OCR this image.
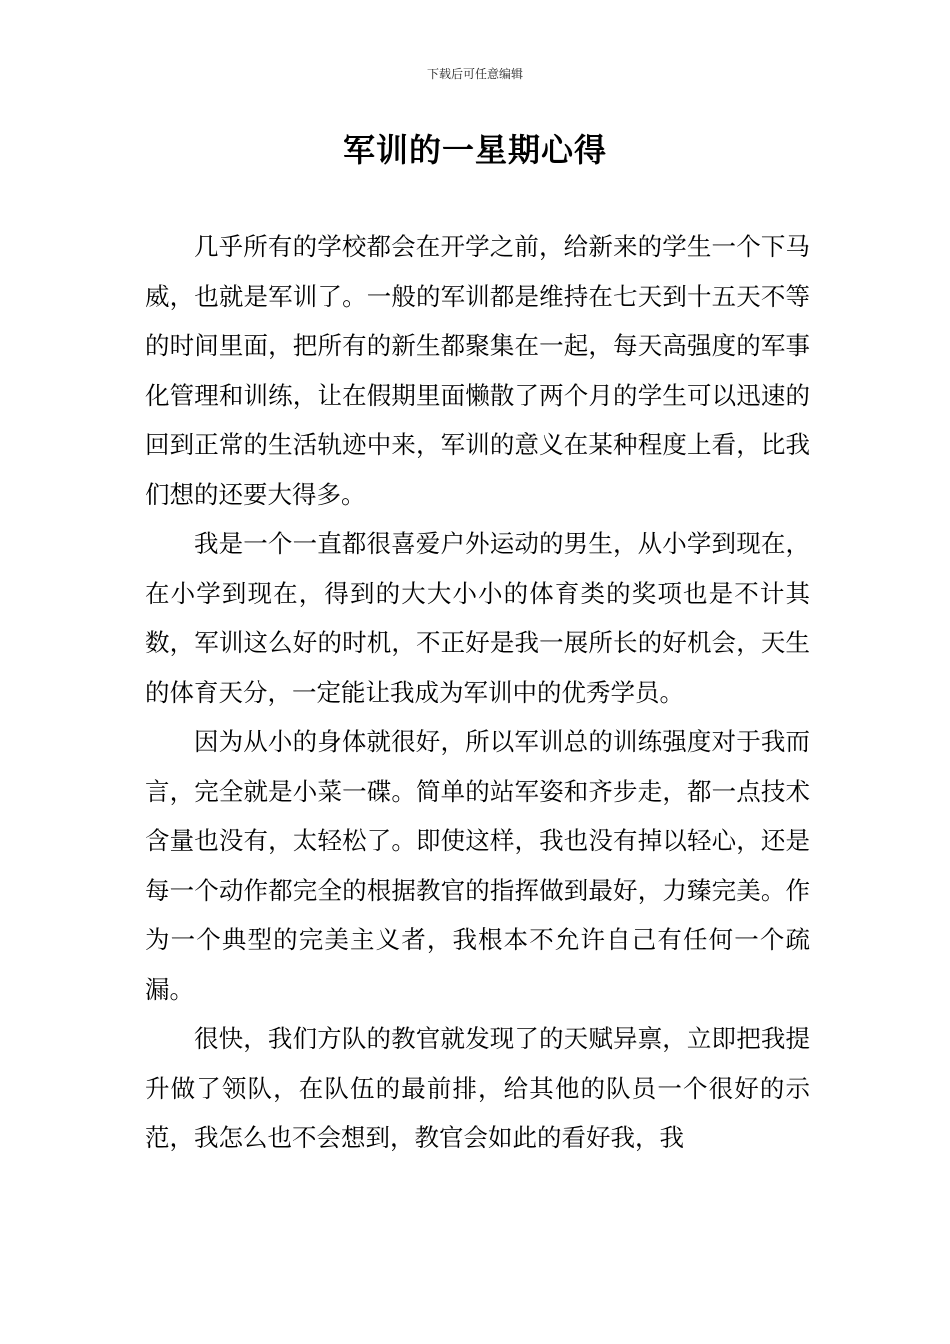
下载后可任意编辑
军训的一星期心得

几乎所有的学校都会在开学之前，给新来的学生一个下马威，也就是军训了。一般的军训都是维持在七天到十五天不等的时间里面，把所有的新生都聚集在一起，每天高强度的军事化管理和训练，让在假期里面懒散了两个月的学生可以迅速的回到正常的生活轨迹中来，军训的意义在某种程度上看，比我们想的还要大得多。

我是一个一直都很喜爱户外运动的男生，从小学到现在，在小学到现在，得到的大大小小的体育类的奖项也是不计其数，军训这么好的时机，不正好是我一展所长的好机会，天生的体育天分，一定能让我成为军训中的优秀学员。

因为从小的身体就很好，所以军训总的训练强度对于我而言，完全就是小菜一碟。简单的站军姿和齐步走，都一点技术含量也没有，太轻松了。即使这样，我也没有掉以轻心，还是每一个动作都完全的根据教官的指挥做到最好，力臻完美。作为一个典型的完美主义者，我根本不允许自己有任何一个疏漏。

很快，我们方队的教官就发现了的天赋异禀，立即把我提升做了领队，在队伍的最前排，给其他的队员一个很好的示范，我怎么也不会想到，教官会如此的看好我，我
